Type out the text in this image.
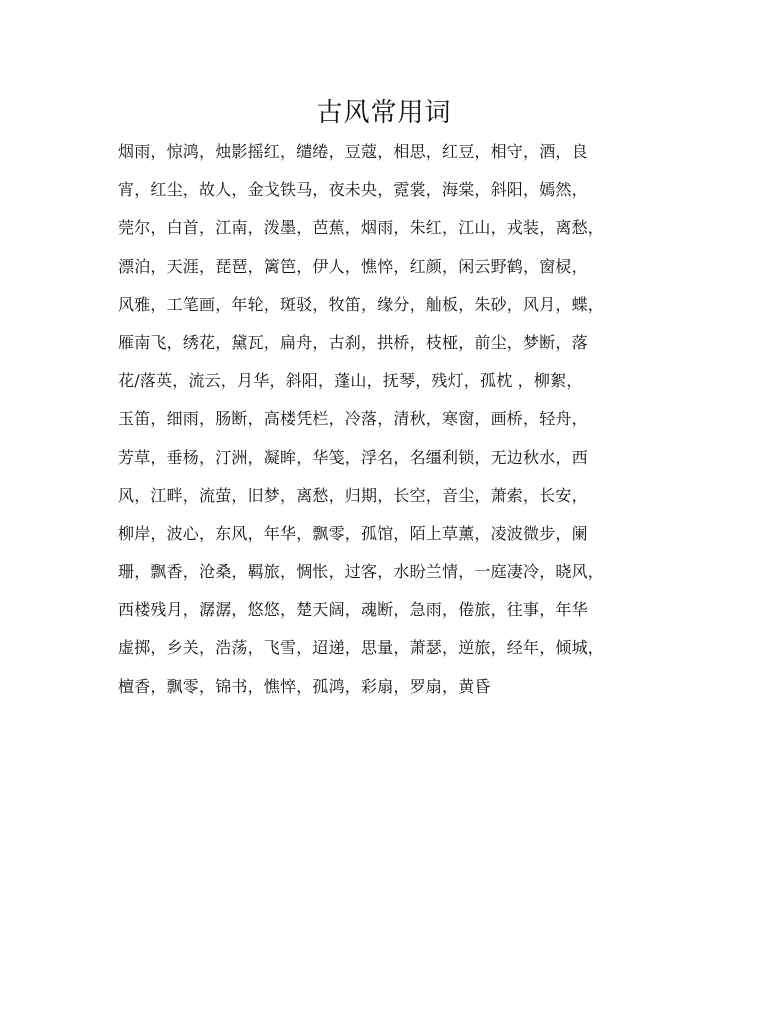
古风常用词
烟雨，惊鸿，烛影摇红，缱绻，豆蔻，相思，红豆，相守，酒，良
宵，红尘，故人，金戈铁马，夜未央，霓裳，海棠，斜阳，嫣然，
莞尔，白首，江南，泼墨，芭蕉，烟雨，朱红，江山，戎装，离愁，
漂泊，天涯，琵琶，篱笆，伊人，憔悴，红颜，闲云野鹤，窗棂，
风雅，工笔画，年轮，斑驳，牧笛，缘分，舢板，朱砂，风月，蝶，
雁南飞，绣花，黛瓦，扁舟，古刹，拱桥，枝桠，前尘，梦断，落
花/落英，流云，月华，斜阳，蓬山，抚琴，残灯，孤枕 ，柳絮，
玉笛，细雨，肠断，高楼凭栏，冷落，清秋，寒窗，画桥，轻舟，
芳草，垂杨，汀洲，凝眸，华笺，浮名，名缰利锁，无边秋水，西
风，江畔，流萤，旧梦，离愁，归期，长空，音尘，萧索，长安，
柳岸，波心，东风，年华，飘零，孤馆，陌上草薰，凌波微步，阑
珊，飘香，沧桑，羁旅，惆怅，过客，水盼兰情，一庭凄冷，晓风，
西楼残月，潺潺，悠悠，楚天阔，魂断，急雨，倦旅，往事，年华
虚掷，乡关，浩荡，飞雪，迢递，思量，萧瑟，逆旅，经年，倾城，
檀香，飘零，锦书，憔悴，孤鸿，彩扇，罗扇，黄昏
